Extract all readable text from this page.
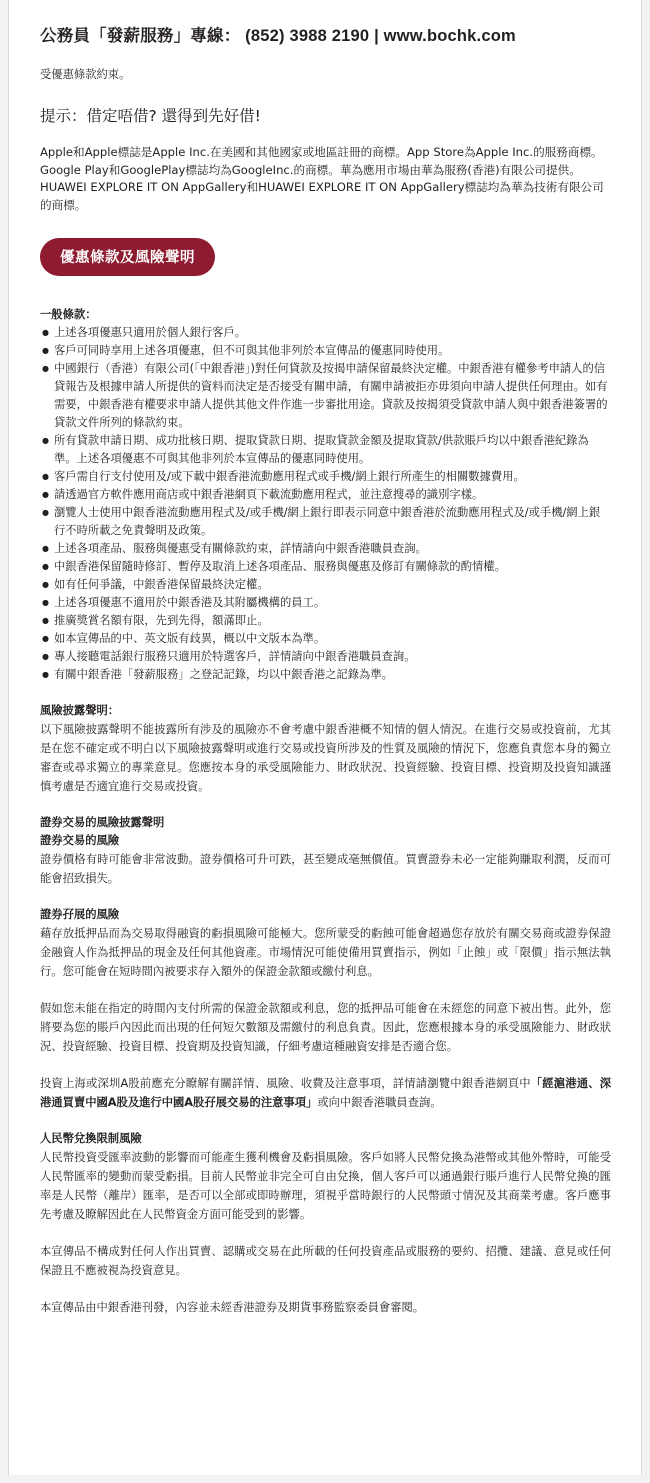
公務員「發薪服務」專線： (852) 3988 2190 | www.bochk.com

受優惠條款約束。

提示：借定唔借? 還得到先好借!

Apple和Apple標誌是Apple Inc.在美國和其他國家或地區註冊的商標。App Store為Apple Inc.的服務商標。Google Play和GooglePlay標誌均為GoogleInc.的商標。華為應用市場由華為服務(香港)有限公司提供。HUAWEI EXPLORE IT ON AppGallery和HUAWEI EXPLORE IT ON AppGallery標誌均為華為技術有限公司的商標。

優惠條款及風險聲明

一般條款：

● 上述各項優惠只適用於個人銀行客戶。
● 客戶可同時享用上述各項優惠，但不可與其他非列於本宣傳品的優惠同時使用。
● 中國銀行（香港）有限公司(「中銀香港」)對任何貸款及按揭申請保留最終決定權。中銀香港有權參考申請人的信貸報告及根據申請人所提供的資料而決定是否接受有關申請，有關申請被拒亦毋須向申請人提供任何理由。如有需要，中銀香港有權要求申請人提供其他文件作進一步審批用途。貸款及按揭須受貸款申請人與中銀香港簽署的貸款文件所列的條款約束。
● 所有貸款申請日期、成功批核日期、提取貸款日期、提取貸款金額及提取貸款/供款賬戶均以中銀香港紀錄為準。上述各項優惠不可與其他非列於本宣傳品的優惠同時使用。
● 客戶需自行支付使用及/或下載中銀香港流動應用程式或手機/網上銀行所產生的相關數據費用。
● 請透過官方軟件應用商店或中銀香港網頁下載流動應用程式，並注意搜尋的識別字樣。
● 瀏覽人士使用中銀香港流動應用程式及/或手機/網上銀行即表示同意中銀香港於流動應用程式及/或手機/網上銀行不時所載之免責聲明及政策。
● 上述各項產品、服務與優惠受有關條款約束，詳情請向中銀香港職員查詢。
● 中銀香港保留隨時修訂、暫停及取消上述各項產品、服務與優惠及修訂有關條款的酌情權。
● 如有任何爭議，中銀香港保留最終決定權。
● 上述各項優惠不適用於中銀香港及其附屬機構的員工。
● 推廣獎賞名額有限，先到先得，額滿即止。
● 如本宣傳品的中、英文版有歧異，概以中文版本為準。
● 專人接聽電話銀行服務只適用於特選客戶，詳情請向中銀香港職員查詢。
● 有關中銀香港「發薪服務」之登記記錄，均以中銀香港之記錄為準。

風險披露聲明：

以下風險披露聲明不能披露所有涉及的風險亦不會考慮中銀香港概不知情的個人情況。在進行交易或投資前，尤其是在您不確定或不明白以下風險披露聲明或進行交易或投資所涉及的性質及風險的情況下，您應負責您本身的獨立審查或尋求獨立的專業意見。您應按本身的承受風險能力、財政狀況、投資經驗、投資目標、投資期及投資知識謹慎考慮是否適宜進行交易或投資。

證券交易的風險披露聲明

證券交易的風險

證券價格有時可能會非常波動。證券價格可升可跌，甚至變成毫無價值。買賣證券未必一定能夠賺取利潤，反而可能會招致損失。

證券孖展的風險

藉存放抵押品而為交易取得融資的虧損風險可能極大。您所蒙受的虧蝕可能會超過您存放於有關交易商或證券保證金融資人作為抵押品的現金及任何其他資產。市場情況可能使備用買賣指示，例如「止蝕」或「限價」指示無法執行。您可能會在短時間內被要求存入額外的保證金款額或繳付利息。

假如您未能在指定的時間內支付所需的保證金款額或利息，您的抵押品可能會在未經您的同意下被出售。此外，您將要為您的賬戶內因此而出現的任何短欠數額及需繳付的利息負責。因此，您應根據本身的承受風險能力、財政狀況、投資經驗、投資目標、投資期及投資知識，仔細考慮這種融資安排是否適合您。

投資上海或深圳A股前應充分瞭解有關詳情、風險、收費及注意事項，詳情請瀏覽中銀香港網頁中「經滬港通、深港通買賣中國A股及進行中國A股孖展交易的注意事項」或向中銀香港職員查詢。

人民幣兌換限制風險

人民幣投資受匯率波動的影響而可能產生獲利機會及虧損風險。客戶如將人民幣兌換為港幣或其他外幣時，可能受人民幣匯率的變動而蒙受虧損。目前人民幣並非完全可自由兌換，個人客戶可以通過銀行賬戶進行人民幣兌換的匯率是人民幣（離岸）匯率，是否可以全部或即時辦理，須視乎當時銀行的人民幣頭寸情況及其商業考慮。客戶應事先考慮及瞭解因此在人民幣資金方面可能受到的影響。

本宣傳品不構成對任何人作出買賣、認購或交易在此所載的任何投資產品或服務的要約、招攬、建議、意見或任何保證且不應被視為投資意見。

本宣傳品由中銀香港刊發，內容並未經香港證券及期貨事務監察委員會審閱。
